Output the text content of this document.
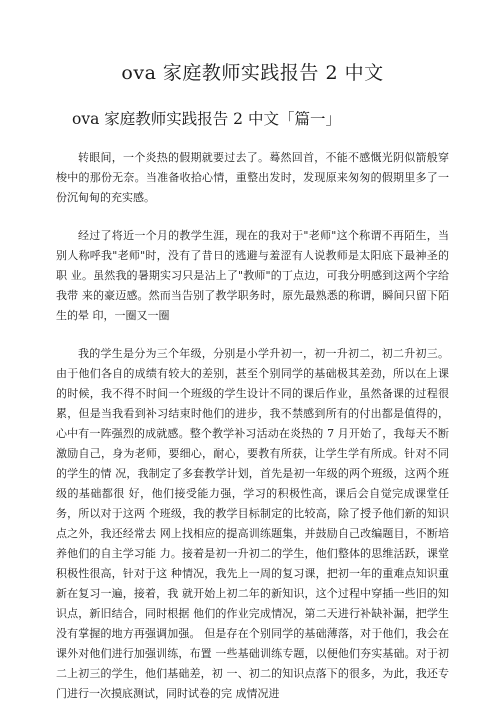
ova 家庭教师实践报告 2 中文
ova 家庭教师实践报告 2 中文「篇一」

转眼间，一个炎热的假期就要过去了。蓦然回首，不能不感慨光阴似箭般穿梭中的那份无奈。当准备收拾心情，重整出发时，发现原来匆匆的假期里多了一份沉甸甸的充实感。

经过了将近一个月的教学生涯，现在的我对于"老师"这个称谓不再陌生，当别人称呼我"老师"时，没有了昔日的逃避与羞涩有人说教师是太阳底下最神圣的职 业。虽然我的暑期实习只是沾上了"教师"的丁点边，可我分明感到这两个字给我带 来的豪迈感。然而当告别了教学职务时，原先最熟悉的称谓，瞬间只留下陌生的晕 印，一圈又一圈

我的学生是分为三个年级，分别是小学升初一，初一升初二，初二升初三。由于他们各自的成绩有较大的差别，甚至个别同学的基础极其差劲，所以在上课的时候，我不得不时间一个班级的学生设计不同的课后作业，虽然备课的过程很累，但是当我看到补习结束时他们的进步，我不禁感到所有的付出都是值得的，心中有一阵强烈的成就感。整个教学补习活动在炎热的 7 月开始了，我每天不断激励自己，身为老师，要细心，耐心，要教有所获，让学生学有所成。针对不同的学生的情 况，我制定了多套教学计划，首先是初一年级的两个班级，这两个班级的基础都很 好，他们接受能力强，学习的积极性高，课后会自觉完成课堂任务，所以对于这两 个班级，我的教学目标制定的比较高，除了授予他们新的知识点之外，我还经常去 网上找相应的提高训练题集，并鼓励自己改编题目，不断培养他们的自主学习能 力。接着是初一升初二的学生，他们整体的思维活跃，课堂积极性很高，针对于这 种情况，我先上一周的复习课，把初一年的重难点知识重新在复习一遍，接着，我 就开始上初二年的新知识，这个过程中穿插一些旧的知识点，新旧结合，同时根据 他们的作业完成情况，第二天进行补缺补漏，把学生没有掌握的地方再强调加强。 但是存在个别同学的基础薄落，对于他们，我会在课外对他们进行加强训练，布置 一些基础训练专题，以便他们夯实基础。对于初二上初三的学生，他们基础差，初 一、初二的知识点落下的很多，为此，我还专门进行一次摸底测试，同时试卷的完 成情况进
